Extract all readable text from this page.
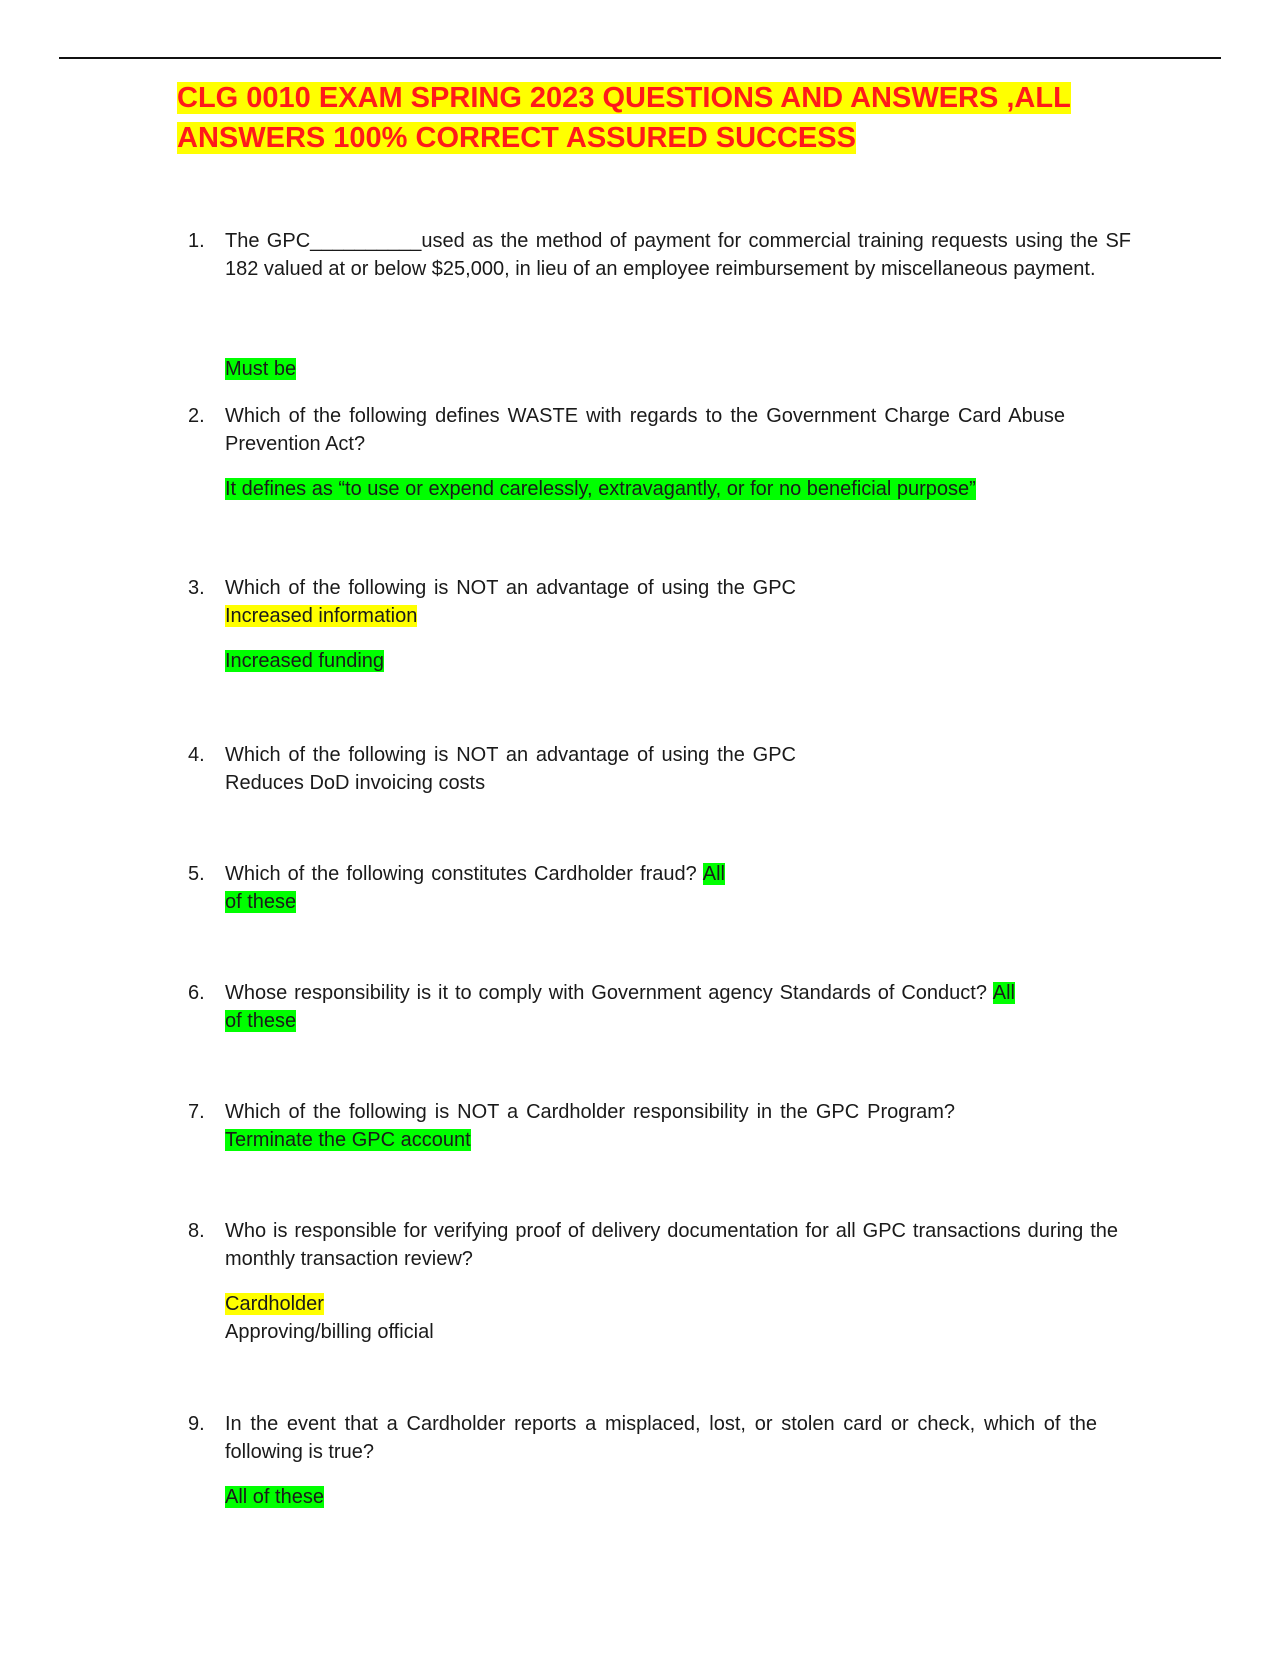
CLG 0010 EXAM SPRING 2023 QUESTIONS AND ANSWERS ,ALL
ANSWERS 100% CORRECT ASSURED SUCCESS
1. The GPC__________used as the method of payment for commercial training requests using the SF 182 valued at or below $25,000, in lieu of an employee reimbursement by miscellaneous payment.
Must be
2. Which of the following defines WASTE with regards to the Government Charge Card Abuse Prevention Act?
It defines as “to use or expend carelessly, extravagantly, or for no beneficial purpose”
3. Which of the following is NOT an advantage of using the GPC Increased information
Increased funding
4. Which of the following is NOT an advantage of using the GPC Reduces DoD invoicing costs
5. Which of the following constitutes Cardholder fraud? All of these
6. Whose responsibility is it to comply with Government agency Standards of Conduct? All of these
7. Which of the following is NOT a Cardholder responsibility in the GPC Program? Terminate the GPC account
8. Who is responsible for verifying proof of delivery documentation for all GPC transactions during the monthly transaction review?
Cardholder
Approving/billing official
9. In the event that a Cardholder reports a misplaced, lost, or stolen card or check, which of the following is true?
All of these
